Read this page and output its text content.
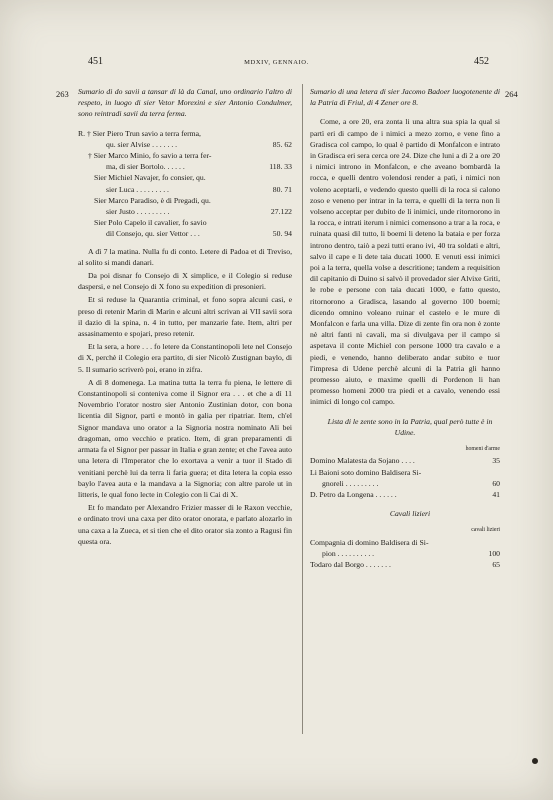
451	MDXIV, GENNAIO.	452
263	264

Sumario di do savii a tansar di là da Canal, uno ordinario l'altro di respeto, in luogo di sier Vetor Morexini e sier Antonio Condulmer, sono reintradi savii da terra ferma.

R. † Sier Piero Trun savio a terra ferma,
qu. sier Alvise . . . . . . .	85. 62
† Sier Marco Minio, fo savio a terra fer-
ma, di sier Bortolo. . . . . .	118. 33
Sier Michiel Navajer, fo consier, qu.
sier Luca . . . . . . . . .	80. 71
Sier Marco Paradiso, è di Pregadi, qu.
sier Justo . . . . . . . . .	27.122
Sier Polo Capelo il cavalier, fo savio
dil Consejo, qu. sier Vettor . . .	50. 94

A dì 7 la matina. Nulla fu di conto. Letere di Padoa et di Treviso, al solito si mandi danari.

Da poi disnar fo Consejo di X simplice, e il Colegio si reduse daspersi, e nel Consejo di X fono su expedition di presonieri.

Et si reduse la Quarantia criminal, et fono sopra alcuni casi, e preso di retenir Marin di Marin e alcuni altri scrivan ai VII savii sora il dazio di la spina, n. 4 in tutto, per manzarie fate. Item, altri per assasinamento e spojari, preso retenir.

Et la sera, a hore . . . fo letere da Constantinopoli lete nel Consejo di X, perchè il Colegio era partito, di sier Nicolò Zustignan baylo, di 5. Il sumario scriverò poi, erano in zifra.

A dì 8 domenega. La matina tutta la terra fu piena, le lettere di Constantinopoli si conteniva come il Signor era . . . et che a dì 11 Novembrio l'orator nostro sier Antonio Zustinian dotor, con bona licentia dil Signor, partì e montò in galia per ripatriar. Item, ch'el Signor mandava uno orator a la Signoria nostra nominato Ali bei dragoman, omo vecchio e pratico. Item, di gran preparamenti di armata fa el Signor per passar in Italia e gran zente; et che l'avea auto una letera di l'Imperator che lo exortava a venir a tuor il Stado di venitiani perchè lui da terra li faria guera; et dita letera la copia esso baylo l'avea auta e la mandava a la Signoria; con altre parole ut in litteris, le qual fono lecte in Colegio con li Cai di X.

Et fo mandato per Alexandro Frizier masser di le Raxon vecchie, e ordinato trovi una caxa per dito orator onorata, e parlato alozarlo in una caxa a la Zueca, et si tien che el dito orator sia zonto a Ragusi fin questa ora.

Sumario di una letera di sier Jacomo Badoer luogotenente di la Patria di Friul, di 4 Zener ore 8.

Come, a ore 20, era zonta li una altra sua spia la qual si partì eri di campo de i nimici a mezo zorno, e vene fino a Gradisca col campo, lo qual è partido di Monfalcon e intrato in Gradisca eri sera cerca ore 24. Dize che luni a dì 2 a ore 20 i nimici introno in Monfalcon, e che aveano bombardà la rocca, e quelli dentro volendosi render a patì, i nimici non voleno aceptarli, e vedendo questo quelli di la roca si calono zoso e veneno per intrar in la terra, e quelli di la terra non li volseno acceptar per dubito de li inimici, unde ritornorono in la rocca, e intrati iterum i nimici comensono a trar a la roca, e ruinata quasi dil tutto, li boemi li deteno la bataia e per forza introno dentro, taiò a pezi tutti erano ivi, 40 tra soldati e altri, salvo il cape e li dete taia ducati 1000. E venuti essi inimici poi a la terra, quella volse a descritione; tandem a requisition dil capitanio di Duino si salvò il provedador sier Alvixe Griti, le robe e persone con taia ducati 1000, e fatto questo, ritornorono a Gradisca, lasando al governo 100 boemi; dicendo omnino voleano ruinar el castelo e le mure di Monfalcon e farla una villa. Dize di zente fin ora non è zonte nè altri fanti nì cavali, ma si divulgava per il campo si aspetava il conte Michiel con persone 1000 tra cavalo e a piedi, e venendo, hanno deliberato andar subito e tuor l'impresa di Udene perchè alcuni di la Patria gli hanno promesso aiuto, e maxime quelli di Pordenon li han promesso homeni 2000 tra piedi et a cavalo, venendo essi inimici di longo col campo.

Lista di le zente sono in la Patria, qual però tutte è in Udine.

homeni d'arme
Domino Malatesta da Sojano . . . .	35
Li Baioni soto domino Baldisera Si-
gnoreli . . . . . . . . .	60
D. Petro da Longena . . . . . .	41

Cavali lizieri

cavali lizieri
Compagnia di domino Baldisera di Si-
pion . . . . . . . . . .	100
Todaro dal Borgo . . . . . . .	65
